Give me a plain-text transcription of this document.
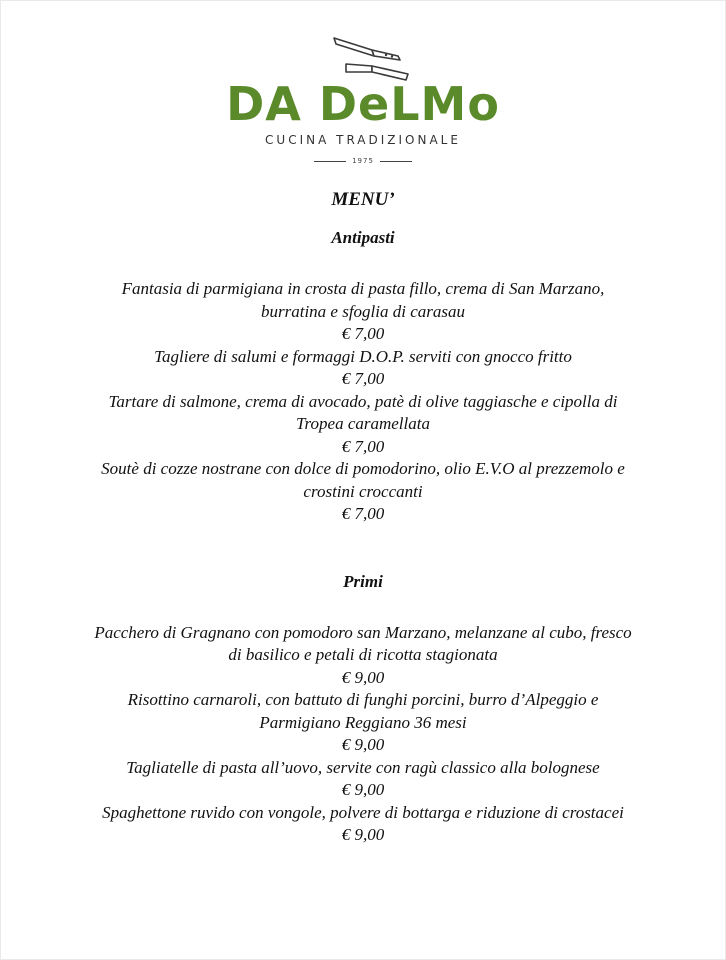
DA DeLMo
CUCINA TRADIZIONALE
1975
MENU’
Antipasti

Fantasia di parmigiana in crosta di pasta fillo, crema di San Marzano,

burratina e sfoglia di carasau

€ 7,00

Tagliere di salumi e formaggi D.O.P. serviti con gnocco fritto

€ 7,00

Tartare di salmone, crema di avocado, patè di olive taggiasche e cipolla di

Tropea caramellata

€ 7,00

Soutè di cozze nostrane con dolce di pomodorino, olio E.V.O al prezzemolo e

crostini croccanti

€ 7,00

Primi

Pacchero di Gragnano con pomodoro san Marzano, melanzane al cubo, fresco

di basilico e petali di ricotta stagionata

€ 9,00

Risottino carnaroli, con battuto di funghi porcini, burro d’Alpeggio e

Parmigiano Reggiano 36 mesi

€ 9,00

Tagliatelle di pasta all’uovo, servite con ragù classico alla bolognese

€ 9,00

Spaghettone ruvido con vongole, polvere di bottarga e riduzione di crostacei

€ 9,00
